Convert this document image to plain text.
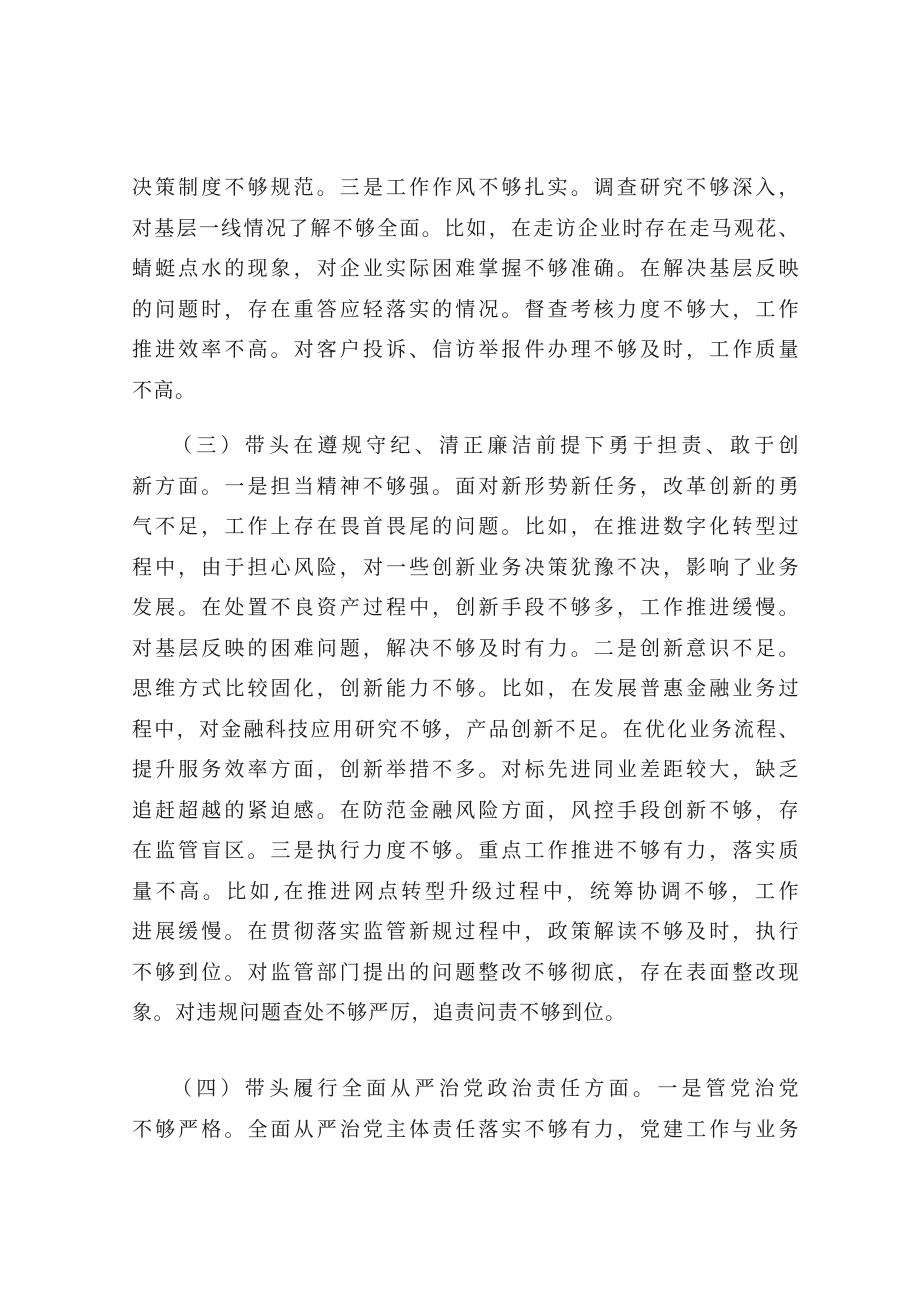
决策制度不够规范。三是工作作风不够扎实。调查研究不够深入，
对基层一线情况了解不够全面。比如，在走访企业时存在走马观花、
蜻蜓点水的现象，对企业实际困难掌握不够准确。在解决基层反映
的问题时，存在重答应轻落实的情况。督查考核力度不够大，工作
推进效率不高。对客户投诉、信访举报件办理不够及时，工作质量
不高。
（三）带头在遵规守纪、清正廉洁前提下勇于担责、敢于创
新方面。一是担当精神不够强。面对新形势新任务，改革创新的勇
气不足，工作上存在畏首畏尾的问题。比如，在推进数字化转型过
程中，由于担心风险，对一些创新业务决策犹豫不决，影响了业务
发展。在处置不良资产过程中，创新手段不够多，工作推进缓慢。
对基层反映的困难问题，解决不够及时有力。二是创新意识不足。
思维方式比较固化，创新能力不够。比如，在发展普惠金融业务过
程中，对金融科技应用研究不够，产品创新不足。在优化业务流程、
提升服务效率方面，创新举措不多。对标先进同业差距较大，缺乏
追赶超越的紧迫感。在防范金融风险方面，风控手段创新不够，存
在监管盲区。三是执行力度不够。重点工作推进不够有力，落实质
量不高。比如,在推进网点转型升级过程中，统筹协调不够，工作
进展缓慢。在贯彻落实监管新规过程中，政策解读不够及时，执行
不够到位。对监管部门提出的问题整改不够彻底，存在表面整改现
象。对违规问题查处不够严厉，追责问责不够到位。
（四）带头履行全面从严治党政治责任方面。一是管党治党
不够严格。全面从严治党主体责任落实不够有力，党建工作与业务
